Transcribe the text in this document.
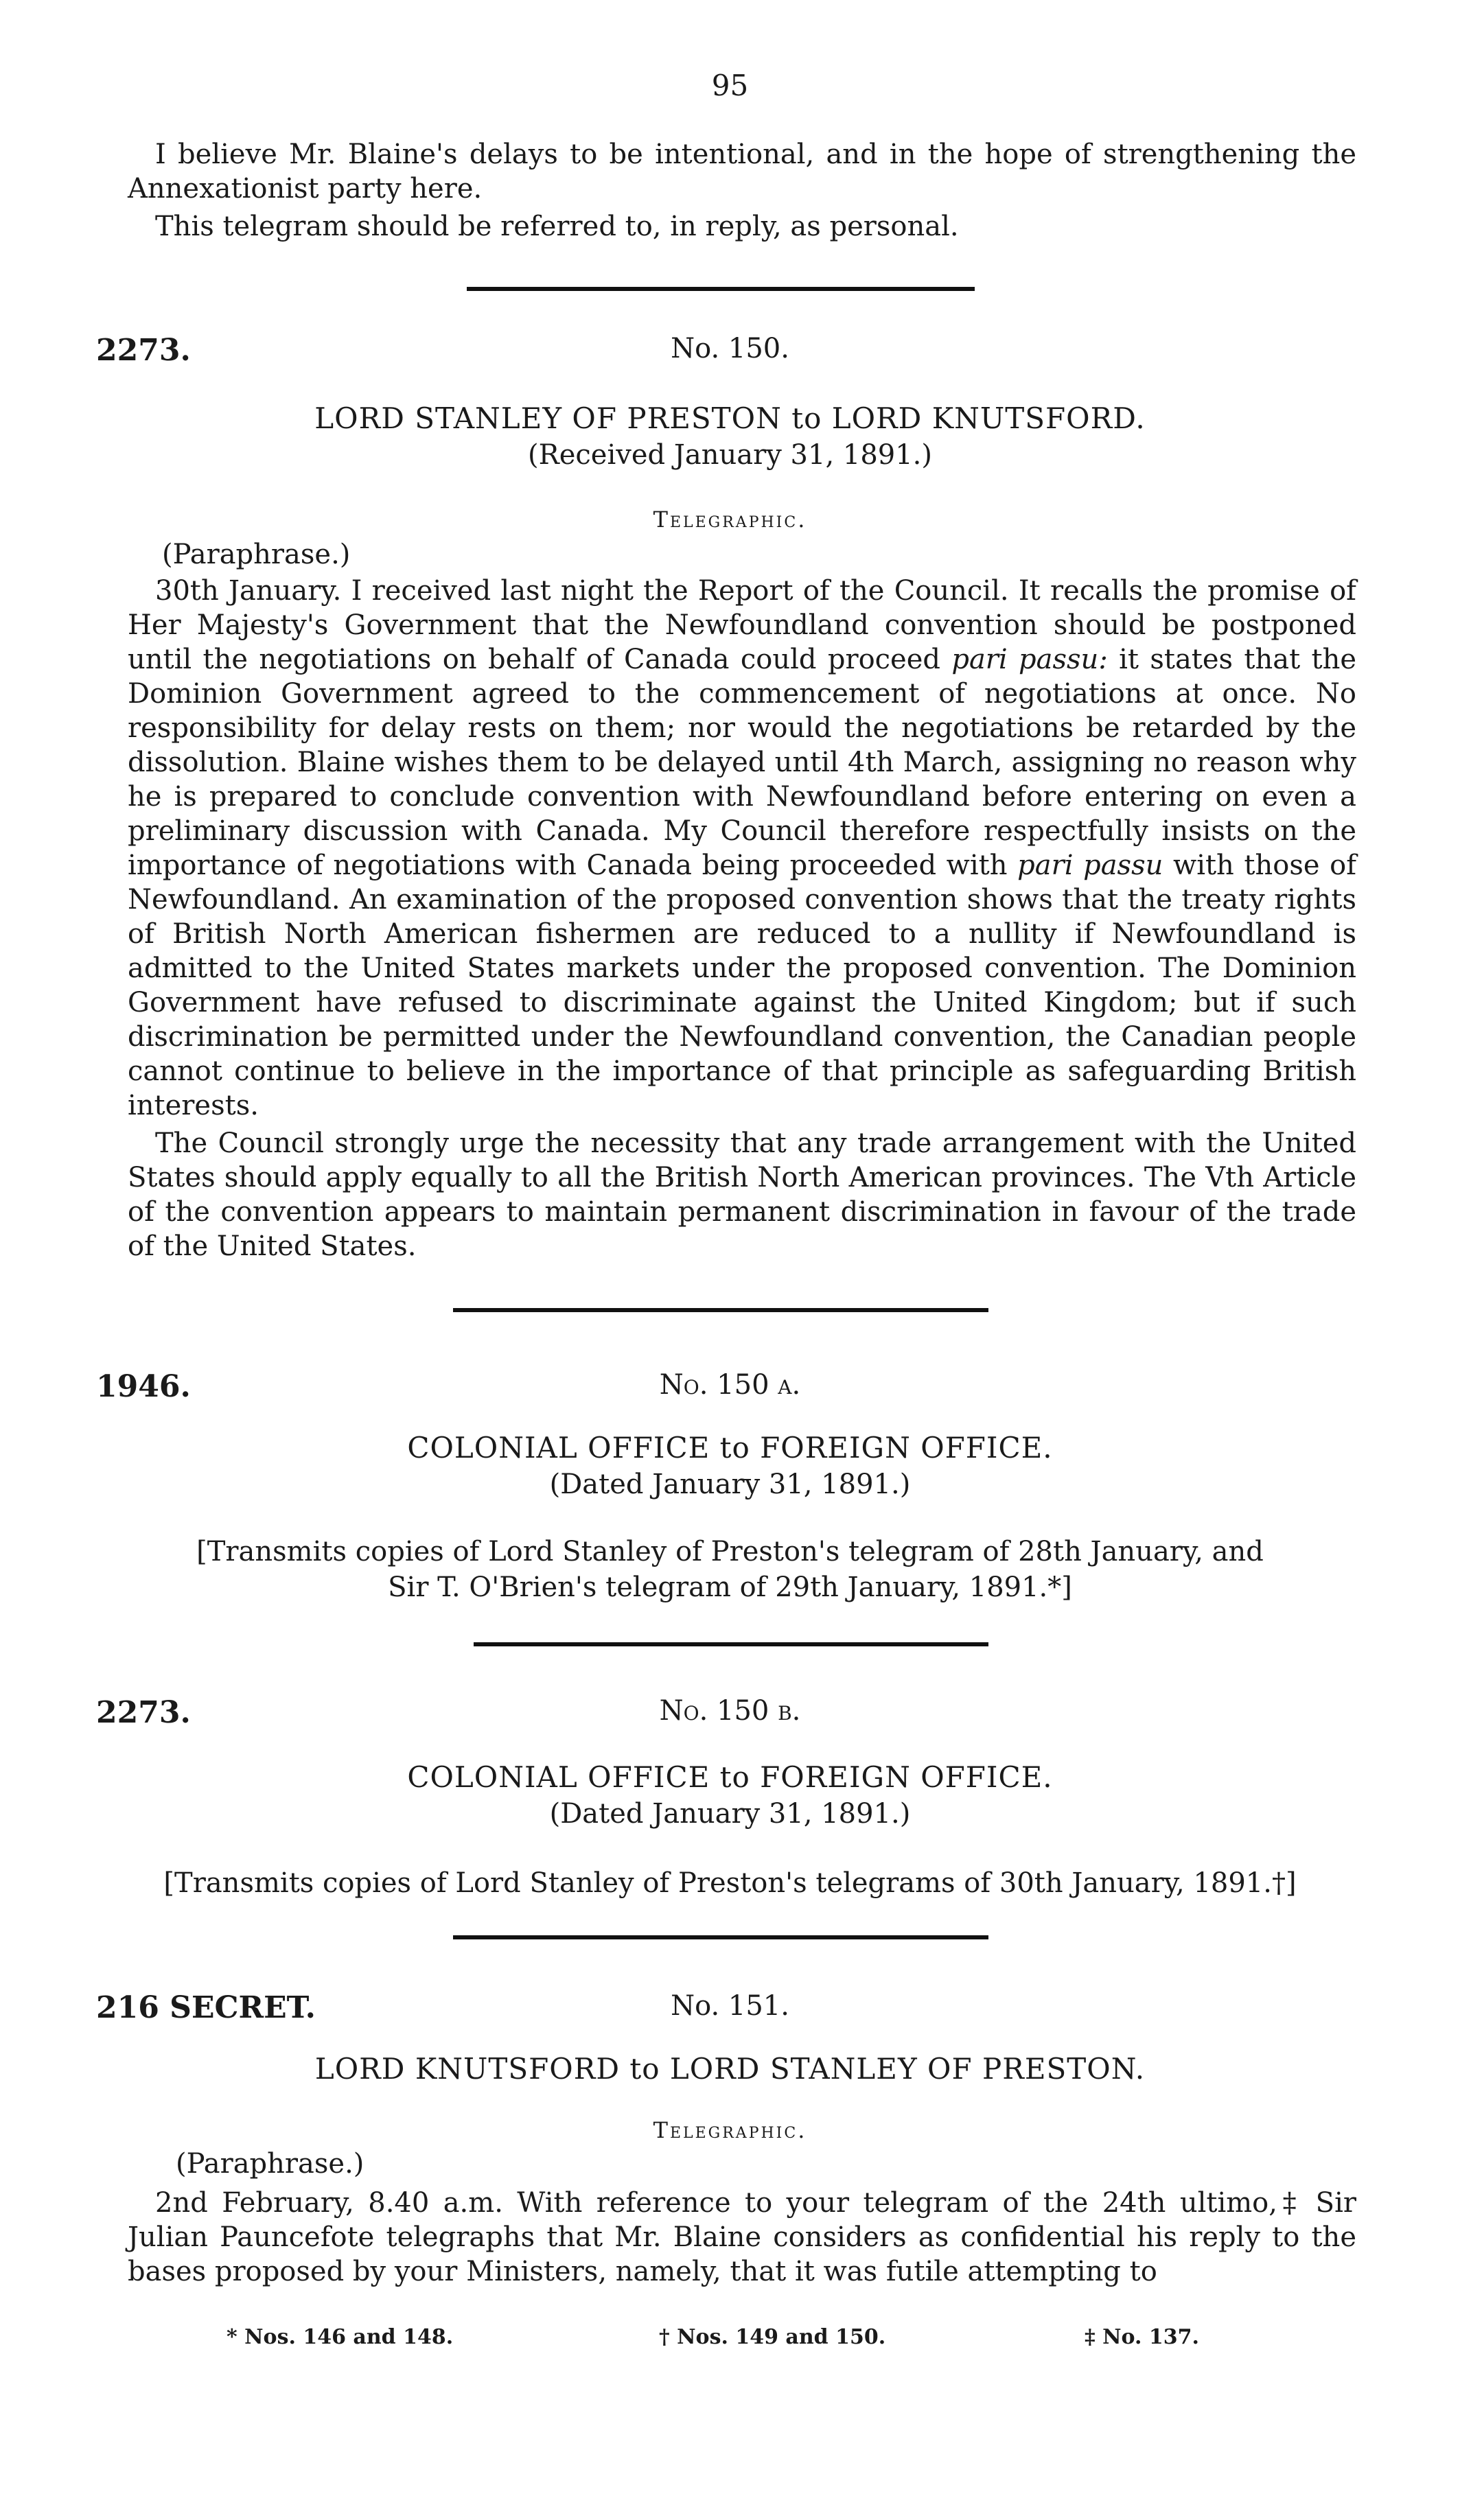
95

I believe Mr. Blaine's delays to be intentional, and in the hope of strengthening the Annexationist party here.

This telegram should be referred to, in reply, as personal.

2273.	No. 150.
LORD STANLEY OF PRESTON to LORD KNUTSFORD.
(Received January 31, 1891.)
Telegraphic.
(Paraphrase.)

30th January. I received last night the Report of the Council. It recalls the promise of Her Majesty's Government that the Newfoundland convention should be postponed until the negotiations on behalf of Canada could proceed pari passu: it states that the Dominion Government agreed to the commencement of negotiations at once. No responsibility for delay rests on them; nor would the negotiations be retarded by the dissolution. Blaine wishes them to be delayed until 4th March, assigning no reason why he is prepared to conclude convention with Newfoundland before entering on even a preliminary discussion with Canada. My Council therefore respectfully insists on the importance of negotiations with Canada being proceeded with pari passu with those of Newfoundland. An examination of the proposed convention shows that the treaty rights of British North American fishermen are reduced to a nullity if Newfoundland is admitted to the United States markets under the proposed convention. The Dominion Government have refused to discriminate against the United Kingdom; but if such discrimination be permitted under the Newfoundland convention, the Canadian people cannot continue to believe in the importance of that principle as safeguarding British interests.

The Council strongly urge the necessity that any trade arrangement with the United States should apply equally to all the British North American provinces. The Vth Article of the convention appears to maintain permanent discrimination in favour of the trade of the United States.

1946.	No. 150 a.
COLONIAL OFFICE to FOREIGN OFFICE.
(Dated January 31, 1891.)
[Transmits copies of Lord Stanley of Preston's telegram of 28th January, and
Sir T. O'Brien's telegram of 29th January, 1891.*]
2273.	No. 150 b.
COLONIAL OFFICE to FOREIGN OFFICE.
(Dated January 31, 1891.)
[Transmits copies of Lord Stanley of Preston's telegrams of 30th January, 1891.†]
216 SECRET.	No. 151.
LORD KNUTSFORD to LORD STANLEY OF PRESTON.
Telegraphic.
(Paraphrase.)

2nd February, 8.40 a.m. With reference to your telegram of the 24th ultimo,‡ Sir Julian Pauncefote telegraphs that Mr. Blaine considers as confidential his reply to the bases proposed by your Ministers, namely, that it was futile attempting to

* Nos. 146 and 148.	† Nos. 149 and 150.	‡ No. 137.
